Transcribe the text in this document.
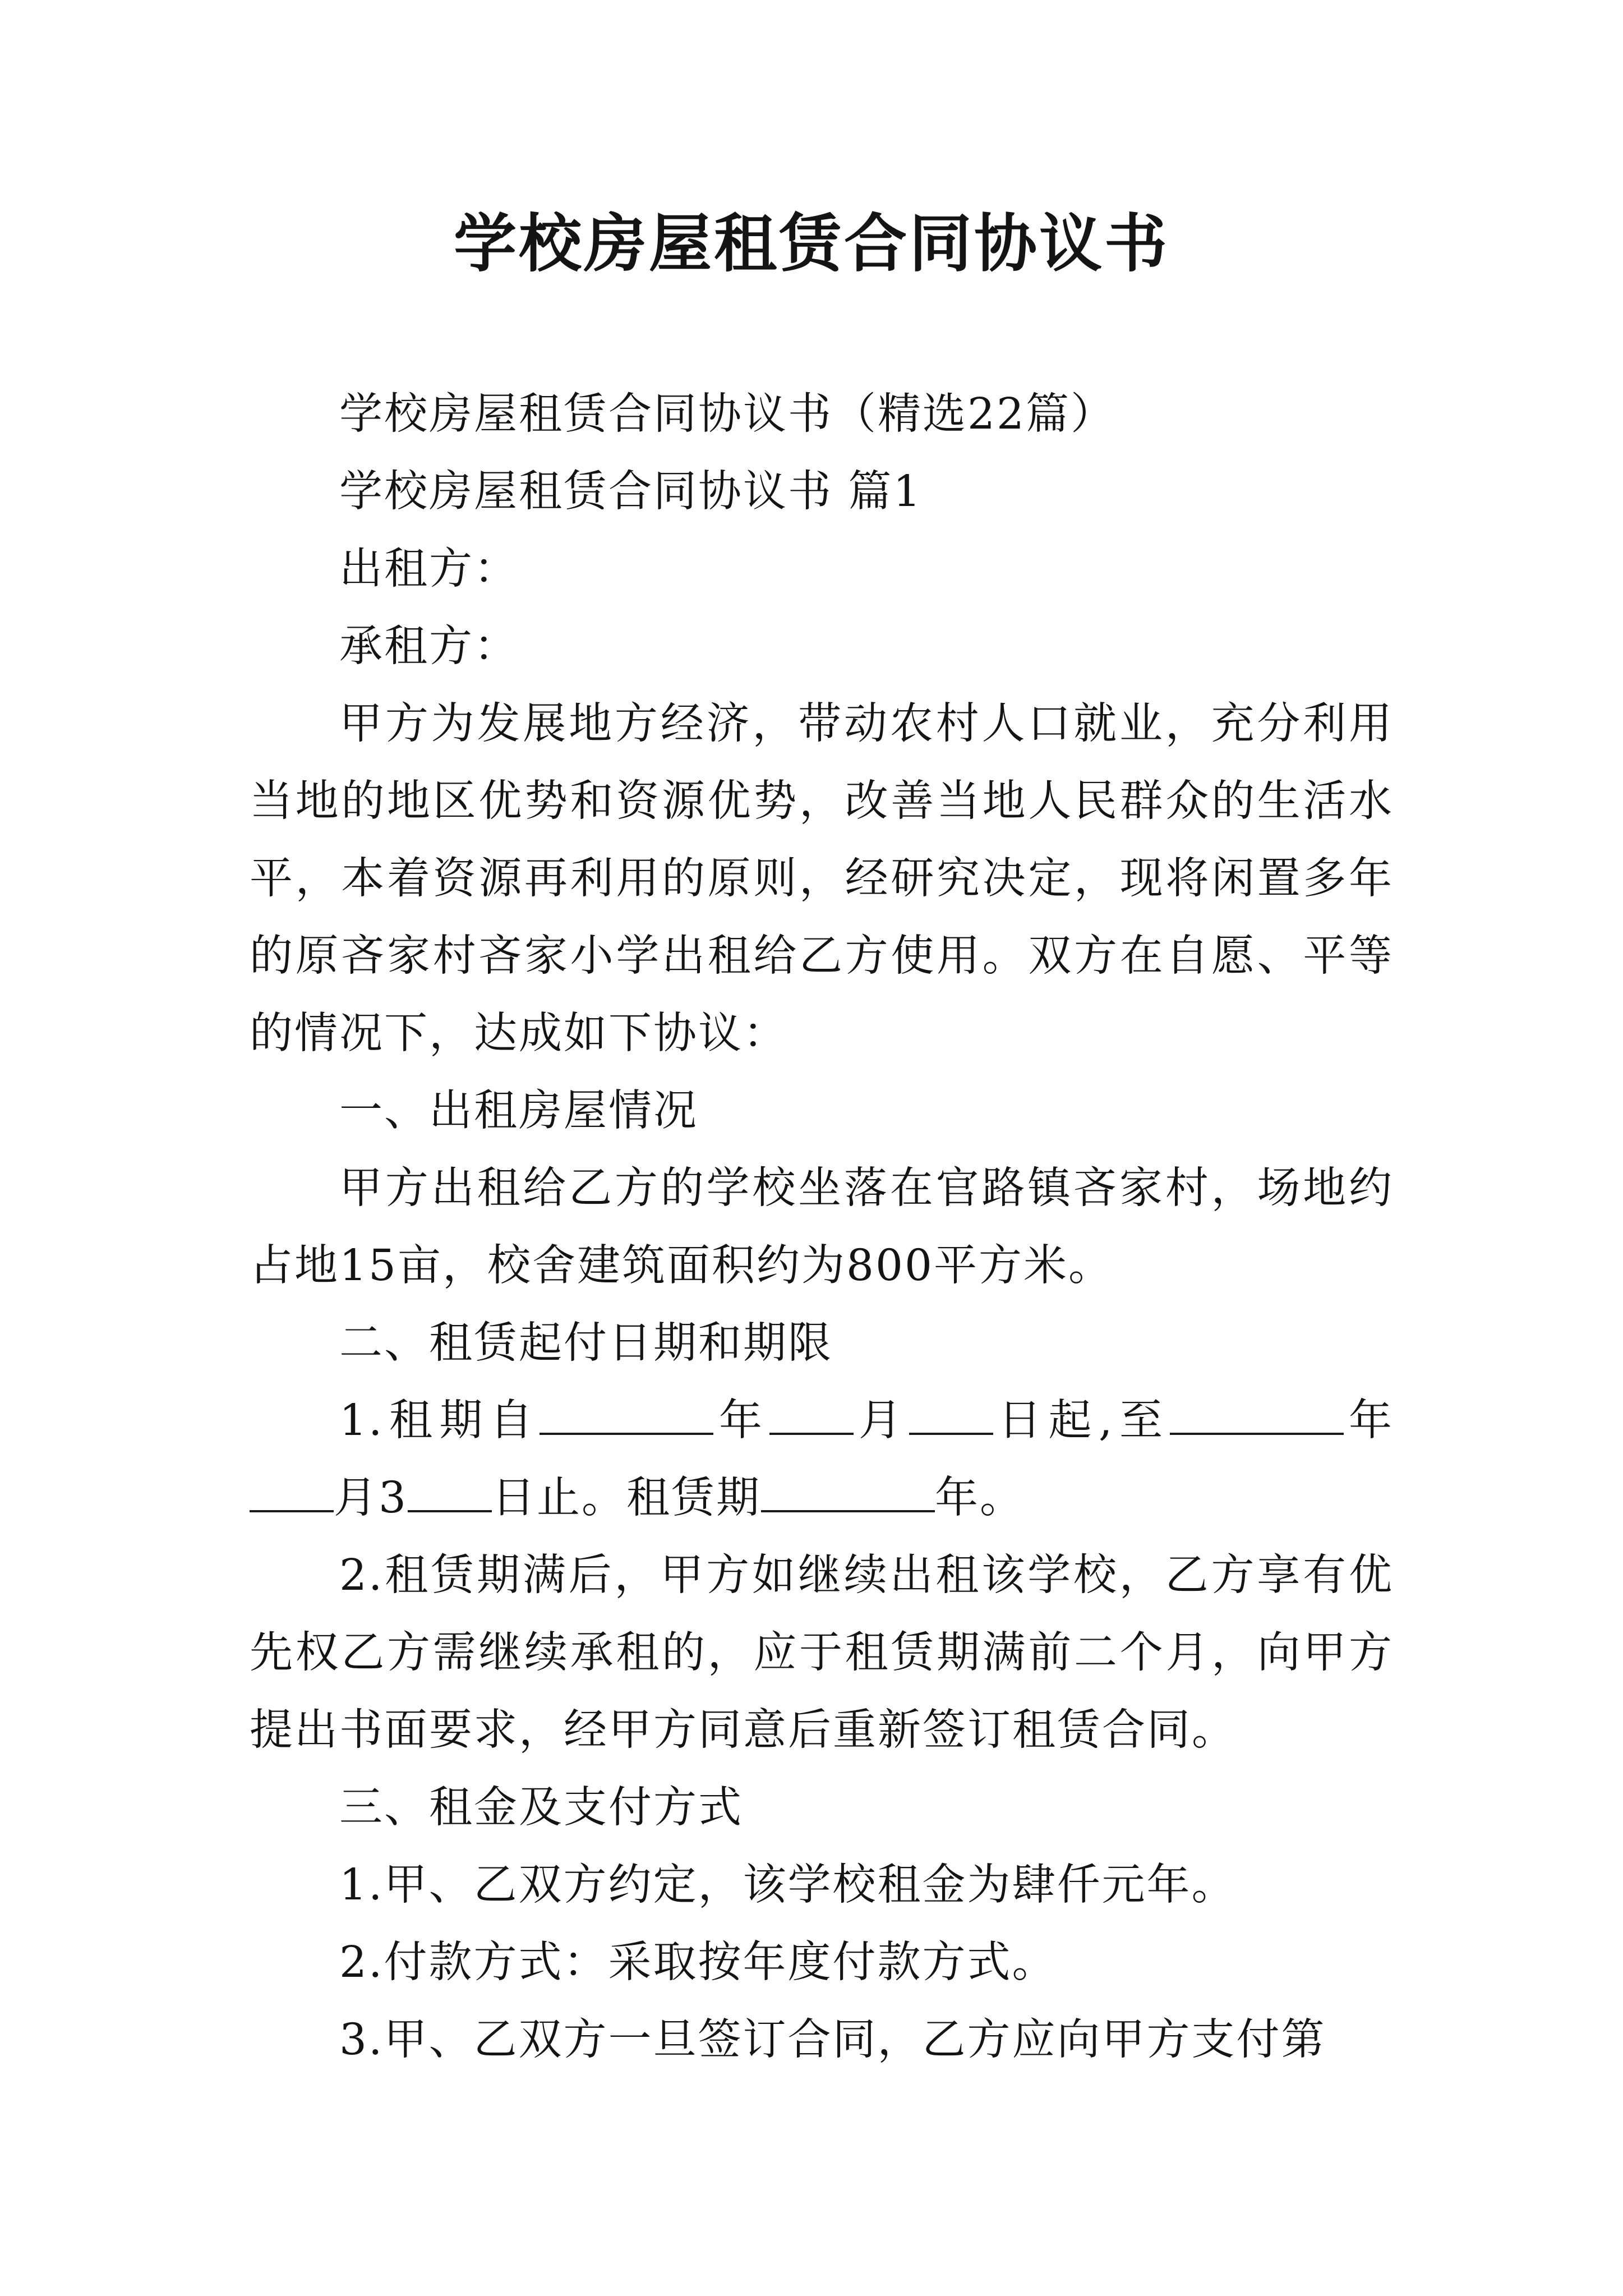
学校房屋租赁合同协议书

学校房屋租赁合同协议书（精选22篇）

学校房屋租赁合同协议书 篇1

出租方：

承租方：

甲方为发展地方经济，带动农村人口就业，充分利用当地的地区优势和资源优势，改善当地人民群众的生活水平，本着资源再利用的原则，经研究决定，现将闲置多年的原吝家村吝家小学出租给乙方使用。双方在自愿、平等的情况下，达成如下协议：

一、出租房屋情况

甲方出租给乙方的学校坐落在官路镇吝家村，场地约占地15亩，校舍建筑面积约为800平方米。

二、租赁起付日期和期限

1.租期自	年 月 日起,至	年月3 日止。租赁期	年。

2.租赁期满后，甲方如继续出租该学校，乙方享有优先权乙方需继续承租的，应于租赁期满前二个月，向甲方提出书面要求，经甲方同意后重新签订租赁合同。

三、租金及支付方式

1.甲、乙双方约定，该学校租金为肆仟元年。

2.付款方式：采取按年度付款方式。

3.甲、乙双方一旦签订合同，乙方应向甲方支付第
